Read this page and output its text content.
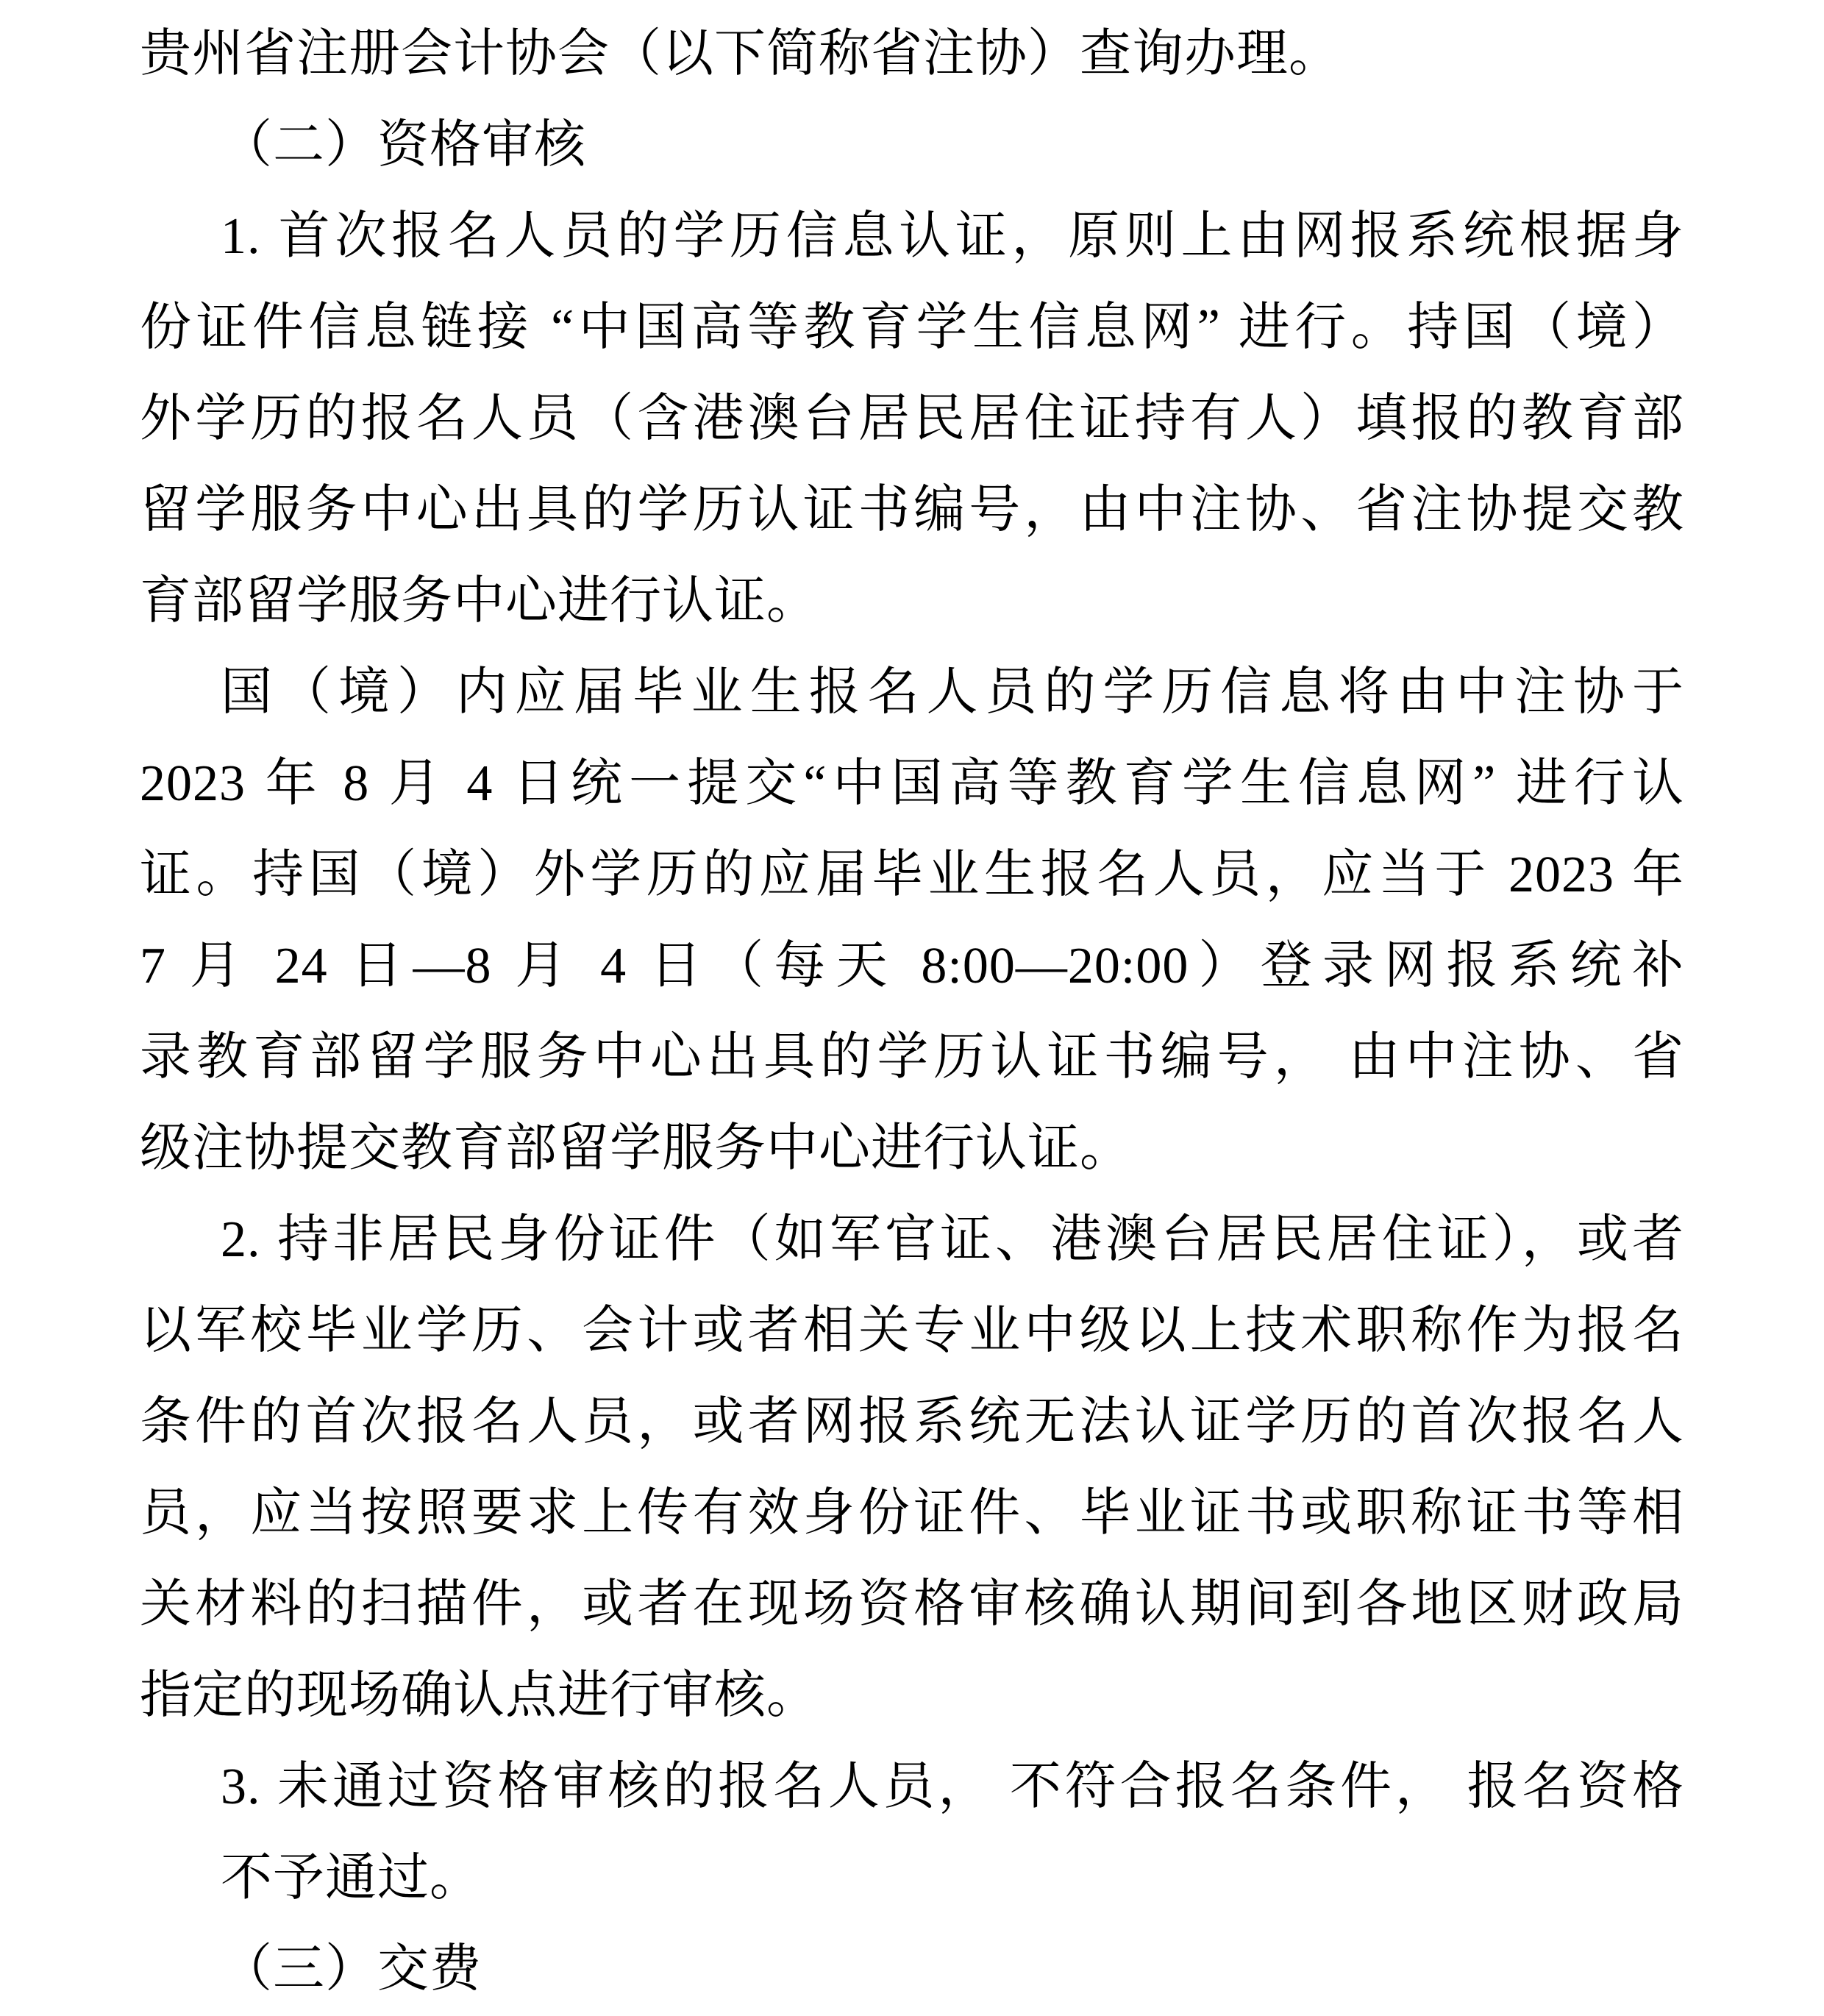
贵州省注册会计协会（以下简称省注协）查询办理。
（二）资格审核
1. 首次报名人员的学历信息认证，原则上由网报系统根据身
份证件信息链接 “中国高等教育学生信息网” 进行。持国（境）
外学历的报名人员（含港澳台居民居住证持有人）填报的教育部
留学服务中心出具的学历认证书编号，由中注协、省注协提交教
育部留学服务中心进行认证。
国（境）内应届毕业生报名人员的学历信息将由中注协于
2023 年 8 月 4 日统一提交“中国高等教育学生信息网” 进行认
证。持国（境）外学历的应届毕业生报名人员，应当于 2023 年
7 月 24 日—8 月 4 日（每天 8:00—20:00）登录网报系统补
录教育部留学服务中心出具的学历认证书编号， 由中注协、省
级注协提交教育部留学服务中心进行认证。
2. 持非居民身份证件（如军官证、港澳台居民居住证），或者
以军校毕业学历、会计或者相关专业中级以上技术职称作为报名
条件的首次报名人员，或者网报系统无法认证学历的首次报名人
员，应当按照要求上传有效身份证件、毕业证书或职称证书等相
关材料的扫描件，或者在现场资格审核确认期间到各地区财政局
指定的现场确认点进行审核。
3. 未通过资格审核的报名人员， 不符合报名条件， 报名资格
不予通过。
（三）交费
